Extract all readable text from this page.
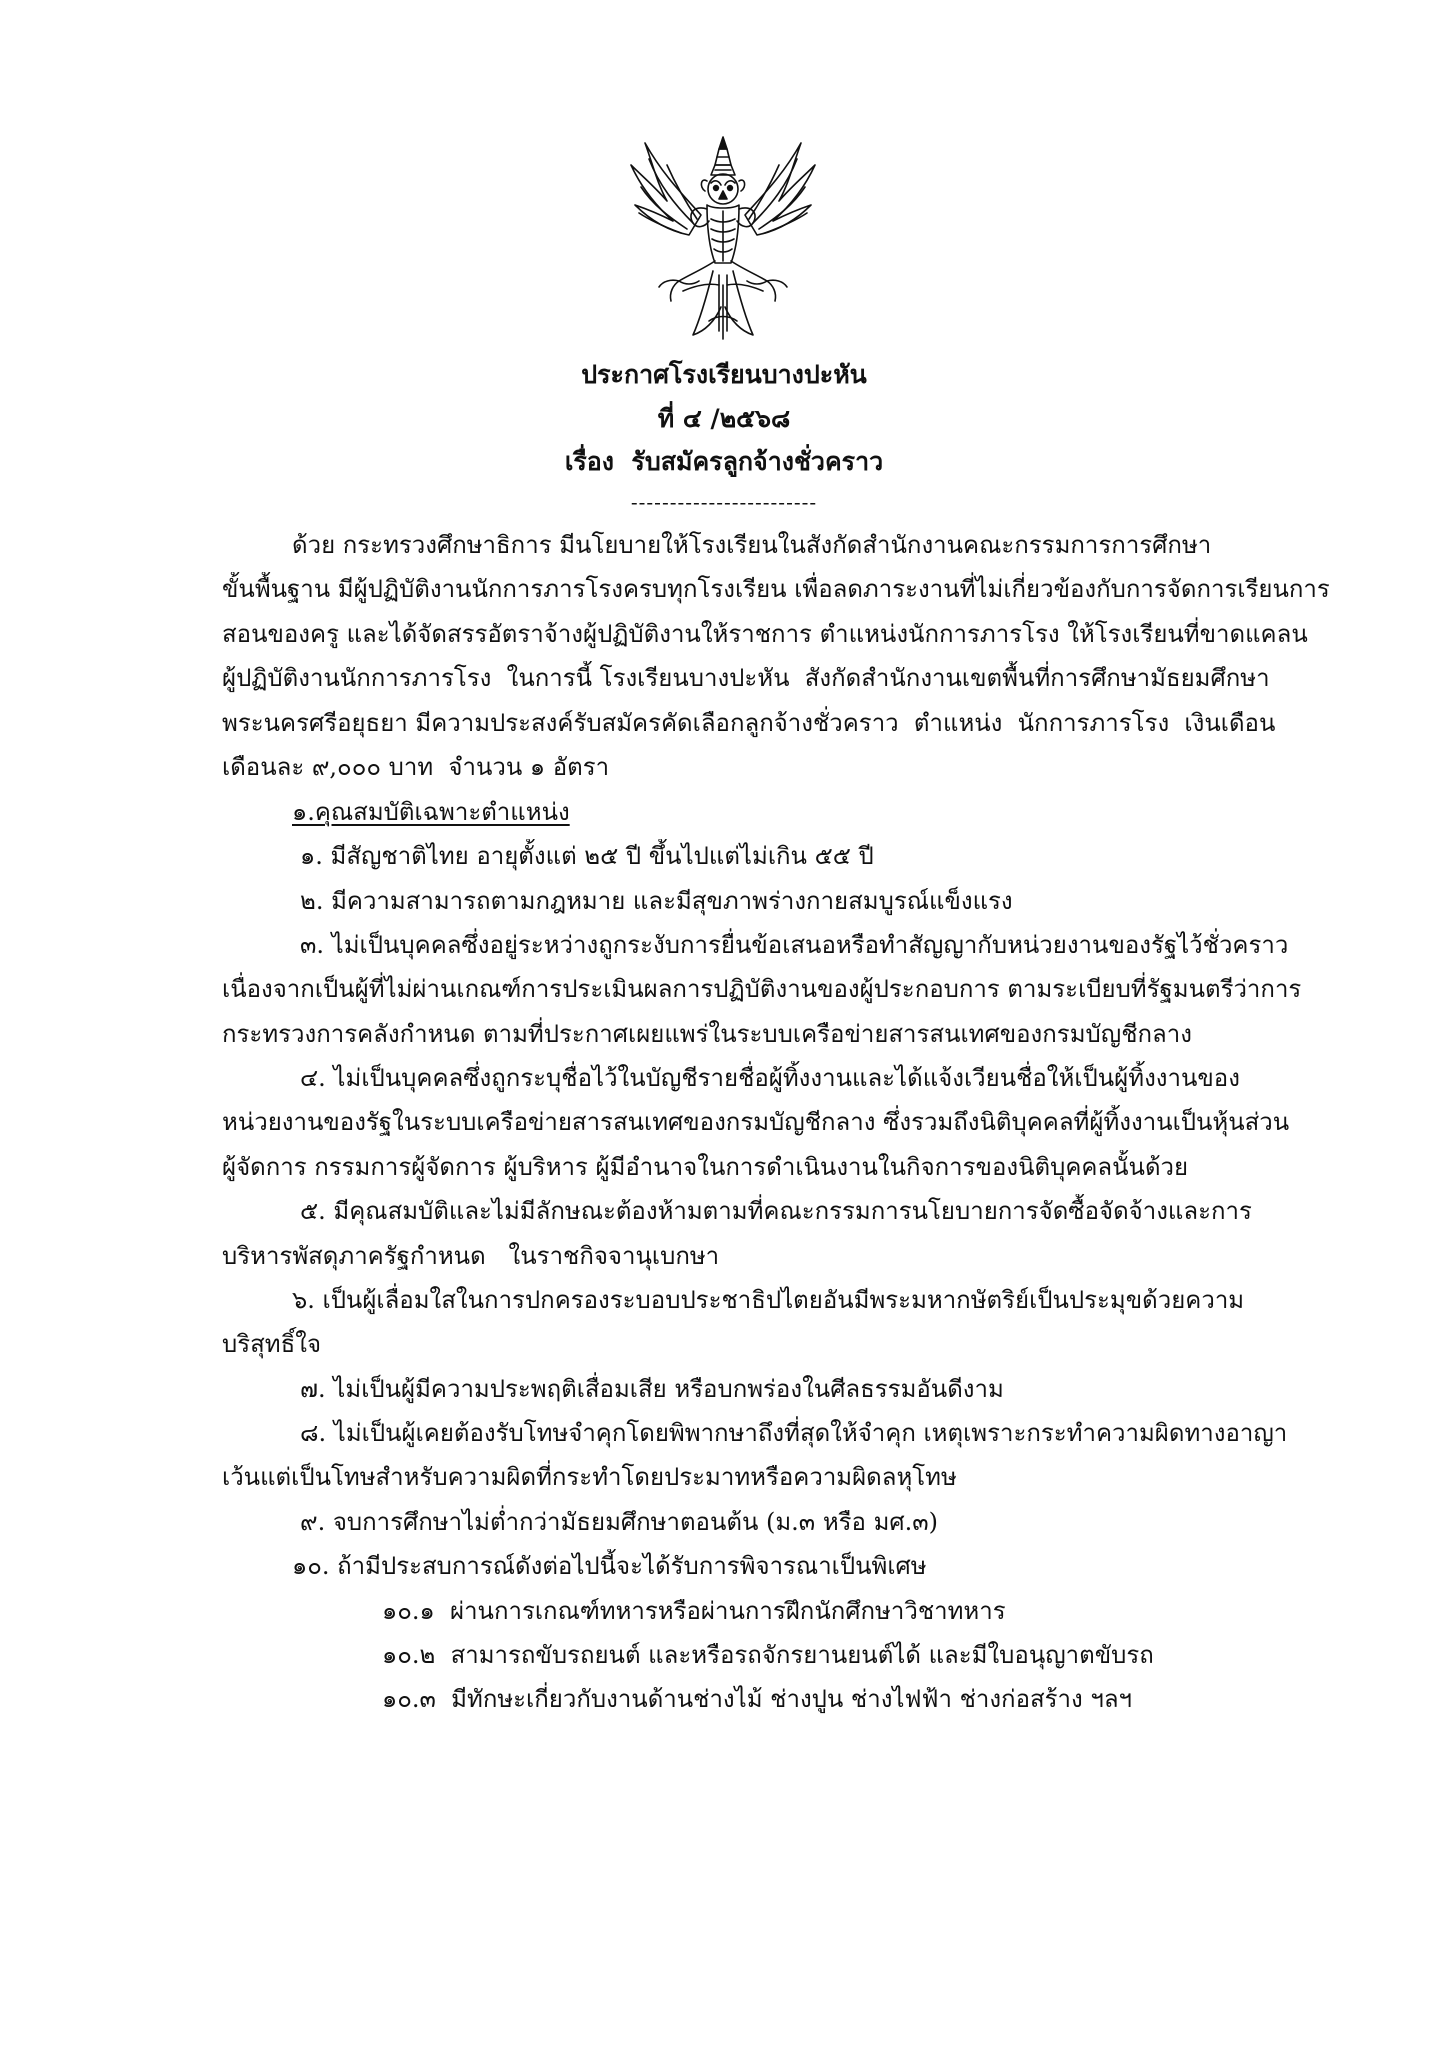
ประกาศโรงเรียนบางปะหัน
ที่ ๔ /๒๕๖๘
เรื่อง  รับสมัครลูกจ้างชั่วคราว
------------------------
ด้วย กระทรวงศึกษาธิการ มีนโยบายให้โรงเรียนในสังกัดสำนักงานคณะกรรมการการศึกษา
ขั้นพื้นฐาน มีผู้ปฏิบัติงานนักการภารโรงครบทุกโรงเรียน เพื่อลดภาระงานที่ไม่เกี่ยวข้องกับการจัดการเรียนการ
สอนของครู และได้จัดสรรอัตราจ้างผู้ปฏิบัติงานให้ราชการ ตำแหน่งนักการภารโรง ให้โรงเรียนที่ขาดแคลน
ผู้ปฏิบัติงานนักการภารโรง  ในการนี้ โรงเรียนบางปะหัน  สังกัดสำนักงานเขตพื้นที่การศึกษามัธยมศึกษา
พระนครศรีอยุธยา มีความประสงค์รับสมัครคัดเลือกลูกจ้างชั่วคราว  ตำแหน่ง  นักการภารโรง  เงินเดือน
เดือนละ ๙,๐๐๐ บาท  จำนวน ๑ อัตรา
๑.คุณสมบัติเฉพาะตำแหน่ง
๑. มีสัญชาติไทย อายุตั้งแต่ ๒๕ ปี ขึ้นไปแต่ไม่เกิน ๕๕ ปี
๒. มีความสามารถตามกฎหมาย และมีสุขภาพร่างกายสมบูรณ์แข็งแรง
๓. ไม่เป็นบุคคลซึ่งอยู่ระหว่างถูกระงับการยื่นข้อเสนอหรือทำสัญญากับหน่วยงานของรัฐไว้ชั่วคราว
เนื่องจากเป็นผู้ที่ไม่ผ่านเกณฑ์การประเมินผลการปฏิบัติงานของผู้ประกอบการ ตามระเบียบที่รัฐมนตรีว่าการ
กระทรวงการคลังกำหนด ตามที่ประกาศเผยแพร่ในระบบเครือข่ายสารสนเทศของกรมบัญชีกลาง
๔. ไม่เป็นบุคคลซึ่งถูกระบุชื่อไว้ในบัญชีรายชื่อผู้ทิ้งงานและได้แจ้งเวียนชื่อให้เป็นผู้ทิ้งงานของ
หน่วยงานของรัฐในระบบเครือข่ายสารสนเทศของกรมบัญชีกลาง ซึ่งรวมถึงนิติบุคคลที่ผู้ทิ้งงานเป็นหุ้นส่วน
ผู้จัดการ กรรมการผู้จัดการ ผู้บริหาร ผู้มีอำนาจในการดำเนินงานในกิจการของนิติบุคคลนั้นด้วย
๕. มีคุณสมบัติและไม่มีลักษณะต้องห้ามตามที่คณะกรรมการนโยบายการจัดซื้อจัดจ้างและการ
บริหารพัสดุภาครัฐกำหนด   ในราชกิจจานุเบกษา
๖. เป็นผู้เลื่อมใสในการปกครองระบอบประชาธิปไตยอันมีพระมหากษัตริย์เป็นประมุขด้วยความ
บริสุทธิ์ใจ
๗. ไม่เป็นผู้มีความประพฤติเสื่อมเสีย หรือบกพร่องในศีลธรรมอันดีงาม
๘. ไม่เป็นผู้เคยต้องรับโทษจำคุกโดยพิพากษาถึงที่สุดให้จำคุก เหตุเพราะกระทำความผิดทางอาญา
เว้นแต่เป็นโทษสำหรับความผิดที่กระทำโดยประมาทหรือความผิดลหุโทษ
๙. จบการศึกษาไม่ต่ำกว่ามัธยมศึกษาตอนต้น (ม.๓ หรือ มศ.๓)
๑๐. ถ้ามีประสบการณ์ดังต่อไปนี้จะได้รับการพิจารณาเป็นพิเศษ
๑๐.๑  ผ่านการเกณฑ์ทหารหรือผ่านการฝึกนักศึกษาวิชาทหาร
๑๐.๒  สามารถขับรถยนต์ และหรือรถจักรยานยนต์ได้ และมีใบอนุญาตขับรถ
๑๐.๓  มีทักษะเกี่ยวกับงานด้านช่างไม้ ช่างปูน ช่างไฟฟ้า ช่างก่อสร้าง ฯลฯ
